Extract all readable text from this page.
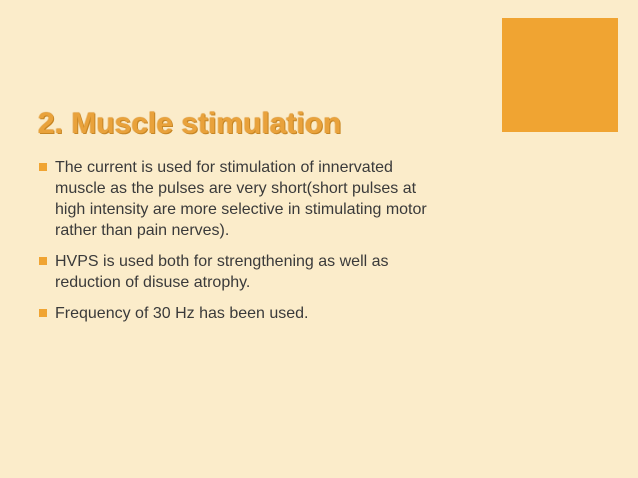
2. Muscle stimulation
The current is used for stimulation of innervated
muscle as the pulses are very short(short pulses at
high intensity are more selective in stimulating motor
rather than pain nerves).
HVPS is used both for strengthening as well as
reduction of disuse atrophy.
Frequency of 30 Hz has been used.
